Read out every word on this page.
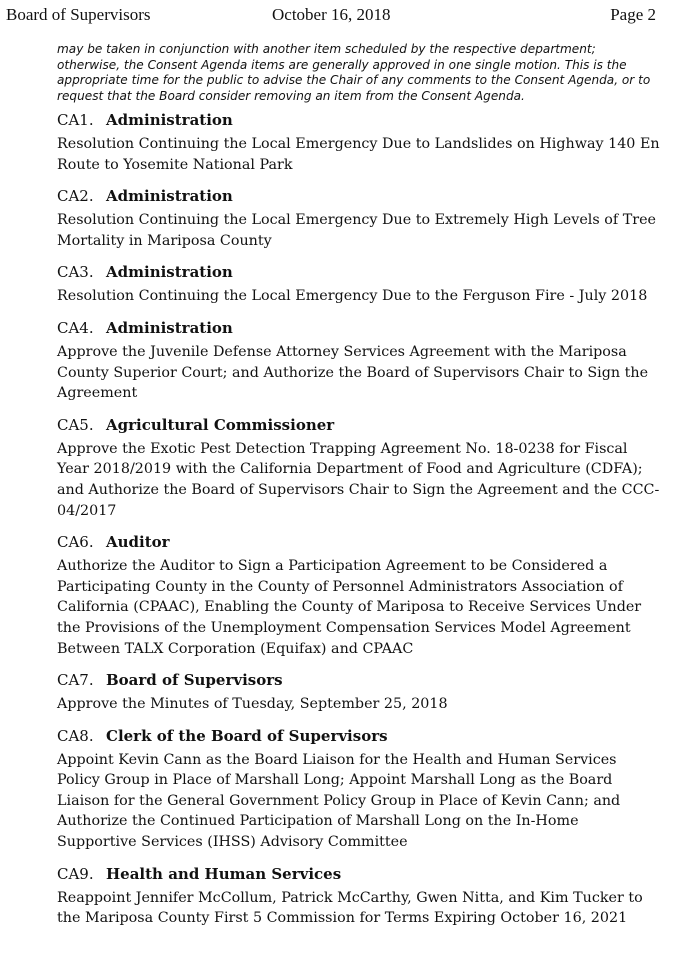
Board of Supervisors	October 16, 2018	Page 2

may be taken in conjunction with another item scheduled by the respective department; otherwise, the Consent Agenda items are generally approved in one single motion. This is the appropriate time for the public to advise the Chair of any comments to the Consent Agenda, or to request that the Board consider removing an item from the Consent Agenda.

CA1. Administration

Resolution Continuing the Local Emergency Due to Landslides on Highway 140 En Route to Yosemite National Park

CA2. Administration

Resolution Continuing the Local Emergency Due to Extremely High Levels of Tree Mortality in Mariposa County

CA3. Administration

Resolution Continuing the Local Emergency Due to the Ferguson Fire - July 2018

CA4. Administration

Approve the Juvenile Defense Attorney Services Agreement with the Mariposa County Superior Court; and Authorize the Board of Supervisors Chair to Sign the Agreement

CA5. Agricultural Commissioner

Approve the Exotic Pest Detection Trapping Agreement No. 18-0238 for Fiscal Year 2018/2019 with the California Department of Food and Agriculture (CDFA); and Authorize the Board of Supervisors Chair to Sign the Agreement and the CCC-04/2017

CA6. Auditor

Authorize the Auditor to Sign a Participation Agreement to be Considered a Participating County in the County of Personnel Administrators Association of California (CPAAC), Enabling the County of Mariposa to Receive Services Under the Provisions of the Unemployment Compensation Services Model Agreement Between TALX Corporation (Equifax) and CPAAC

CA7. Board of Supervisors

Approve the Minutes of Tuesday, September 25, 2018

CA8. Clerk of the Board of Supervisors

Appoint Kevin Cann as the Board Liaison for the Health and Human Services Policy Group in Place of Marshall Long; Appoint Marshall Long as the Board Liaison for the General Government Policy Group in Place of Kevin Cann; and Authorize the Continued Participation of Marshall Long on the In-Home Supportive Services (IHSS) Advisory Committee

CA9. Health and Human Services

Reappoint Jennifer McCollum, Patrick McCarthy, Gwen Nitta, and Kim Tucker to the Mariposa County First 5 Commission for Terms Expiring October 16, 2021
